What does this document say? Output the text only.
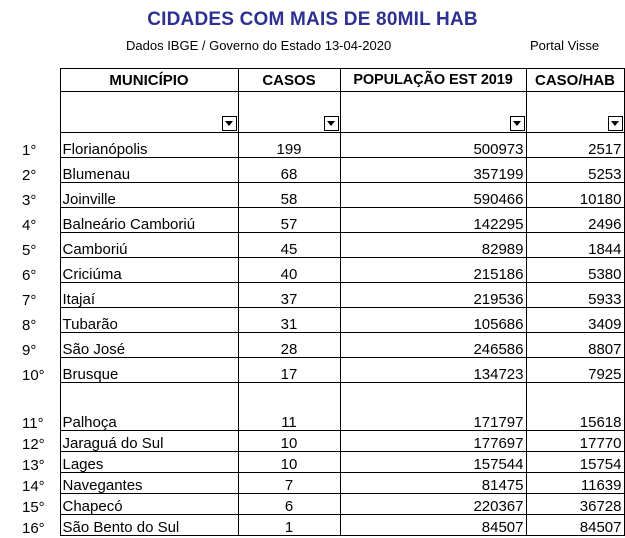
CIDADES COM MAIS DE 80MIL HAB
Dados IBGE / Governo do Estado 13-04-2020	Portal Visse
	MUNICÍPIO	CASOS	POPULAÇÃO EST 2019	CASO/HAB

1°	Florianópolis	199	500973	2517
2°	Blumenau	68	357199	5253
3°	Joinville	58	590466	10180
4°	Balneário Camboriú	57	142295	2496
5°	Camboriú	45	82989	1844
6°	Criciúma	40	215186	5380
7°	Itajaí	37	219536	5933
8°	Tubarão	31	105686	3409
9°	São José	28	246586	8807
10°	Brusque	17	134723	7925
11°	Palhoça	11	171797	15618
12°	Jaraguá do Sul	10	177697	17770
13°	Lages	10	157544	15754
14°	Navegantes	7	81475	11639
15°	Chapecó	6	220367	36728
16°	São Bento do Sul	1	84507	84507
